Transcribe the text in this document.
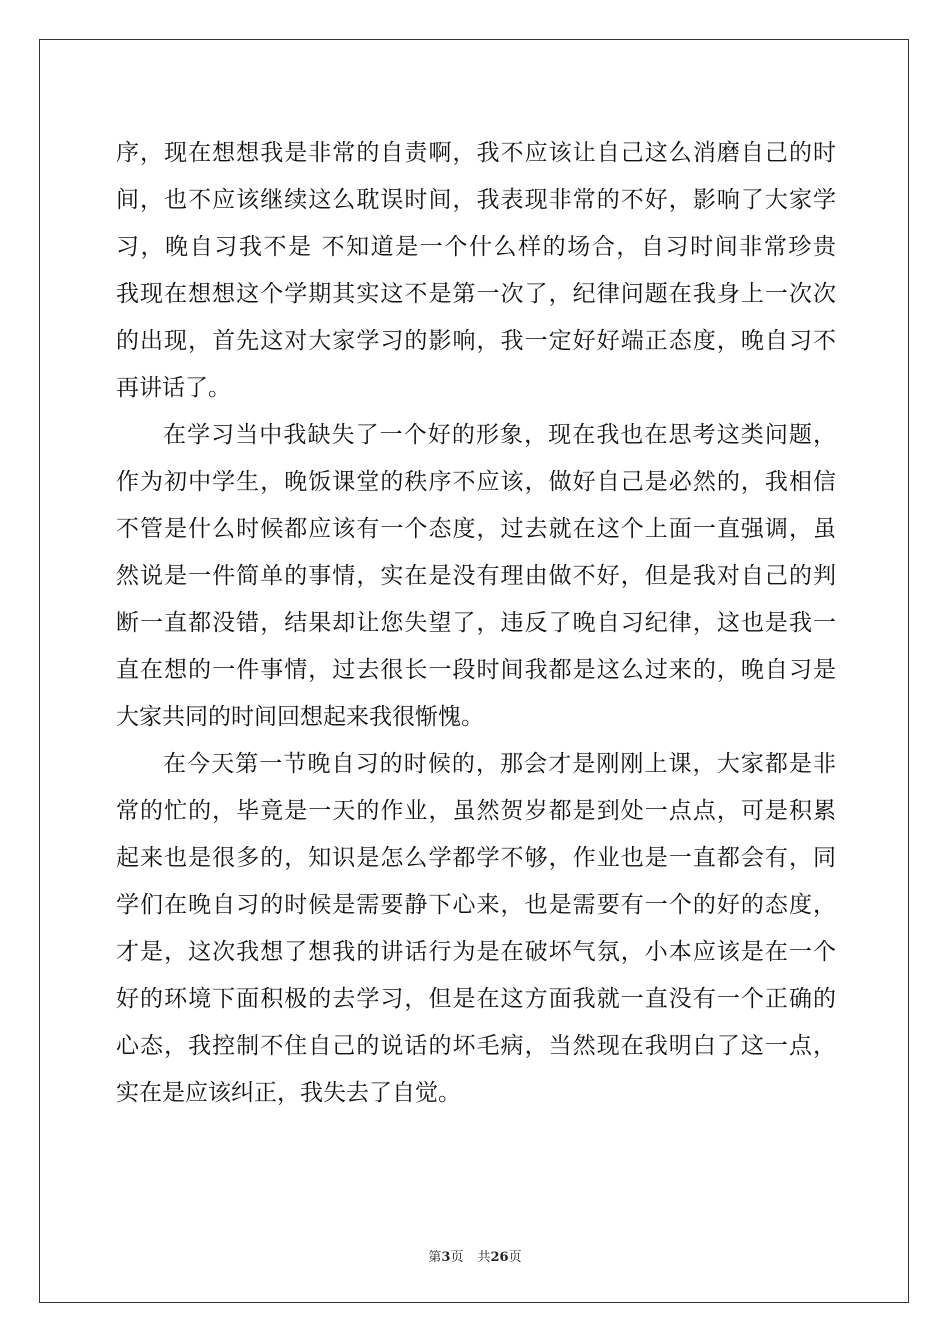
序，现在想想我是非常的自责啊，我不应该让自己这么消磨自己的时
间，也不应该继续这么耽误时间，我表现非常的不好，影响了大家学
习，晚自习我不是 不知道是一个什么样的场合，自习时间非常珍贵
我现在想想这个学期其实这不是第一次了，纪律问题在我身上一次次
的出现，首先这对大家学习的影响，我一定好好端正态度，晚自习不
再讲话了。
在学习当中我缺失了一个好的形象，现在我也在思考这类问题，
作为初中学生，晚饭课堂的秩序不应该，做好自己是必然的，我相信
不管是什么时候都应该有一个态度，过去就在这个上面一直强调，虽
然说是一件简单的事情，实在是没有理由做不好，但是我对自己的判
断一直都没错，结果却让您失望了，违反了晚自习纪律，这也是我一
直在想的一件事情，过去很长一段时间我都是这么过来的，晚自习是
大家共同的时间回想起来我很惭愧。
在今天第一节晚自习的时候的，那会才是刚刚上课，大家都是非
常的忙的，毕竟是一天的作业，虽然贺岁都是到处一点点，可是积累
起来也是很多的，知识是怎么学都学不够，作业也是一直都会有，同
学们在晚自习的时候是需要静下心来，也是需要有一个的好的态度，
才是，这次我想了想我的讲话行为是在破坏气氛，小本应该是在一个
好的环境下面积极的去学习，但是在这方面我就一直没有一个正确的
心态，我控制不住自己的说话的坏毛病，当然现在我明白了这一点，
实在是应该纠正，我失去了自觉。
第3页 共26页
